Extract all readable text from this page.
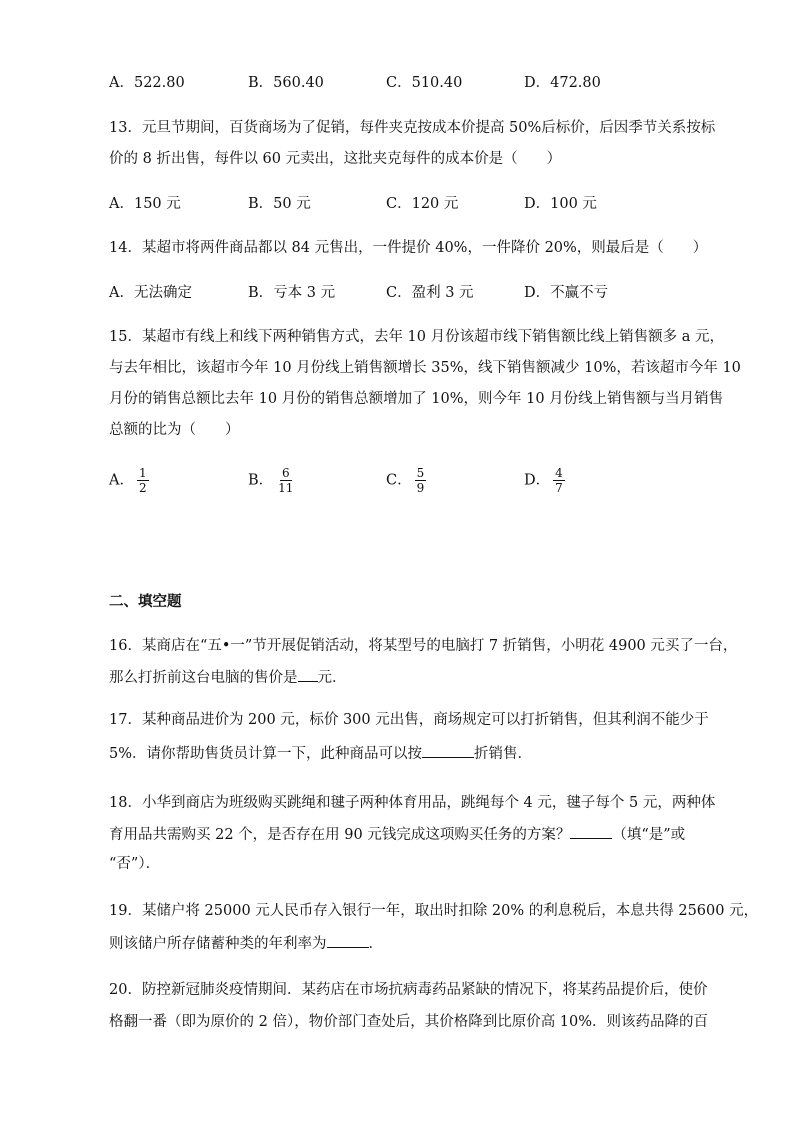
A．522.80	B．560.40	C．510.40	D．472.80
13．元旦节期间，百货商场为了促销，每件夹克按成本价提高 50%后标价，后因季节关系按标
价的 8 折出售，每件以 60 元卖出，这批夹克每件的成本价是（　　）
A．150 元	B．50 元	C．120 元	D．100 元
14．某超市将两件商品都以 84 元售出，一件提价 40%，一件降价 20%，则最后是（　　）
A．无法确定	B．亏本 3 元	C．盈利 3 元	D．不赢不亏
15．某超市有线上和线下两种销售方式，去年 10 月份该超市线下销售额比线上销售额多 a 元，
与去年相比，该超市今年 10 月份线上销售额增长 35%，线下销售额减少 10%，若该超市今年 10
月份的销售总额比去年 10 月份的销售总额增加了 10%，则今年 10 月份线上销售额与当月销售
总额的比为（　　）
A． $\frac{1}{2}$	B． $\frac{6}{11}$	C． $\frac{5}{9}$	D． $\frac{4}{7}$
二、填空题
16．某商店在“五•一”节开展促销活动，将某型号的电脑打 7 折销售，小明花 4900 元买了一台，
那么打折前这台电脑的售价是 元．
17．某种商品进价为 200 元，标价 300 元出售，商场规定可以打折销售，但其利润不能少于
5%．请你帮助售货员计算一下，此种商品可以按	折销售．
18．小华到商店为班级购买跳绳和毽子两种体育用品，跳绳每个 4 元，毽子每个 5 元，两种体
育用品共需购买 22 个，是否存在用 90 元钱完成这项购买任务的方案？	（填“是”或
“否”）．
19．某储户将 25000 元人民币存入银行一年，取出时扣除 20% 的利息税后，本息共得 25600 元，
则该储户所存储蓄种类的年利率为	．
20．防控新冠肺炎疫情期间．某药店在市场抗病毒药品紧缺的情况下，将某药品提价后，使价
格翻一番（即为原价的 2 倍），物价部门查处后，其价格降到比原价高 10%．则该药品降的百
